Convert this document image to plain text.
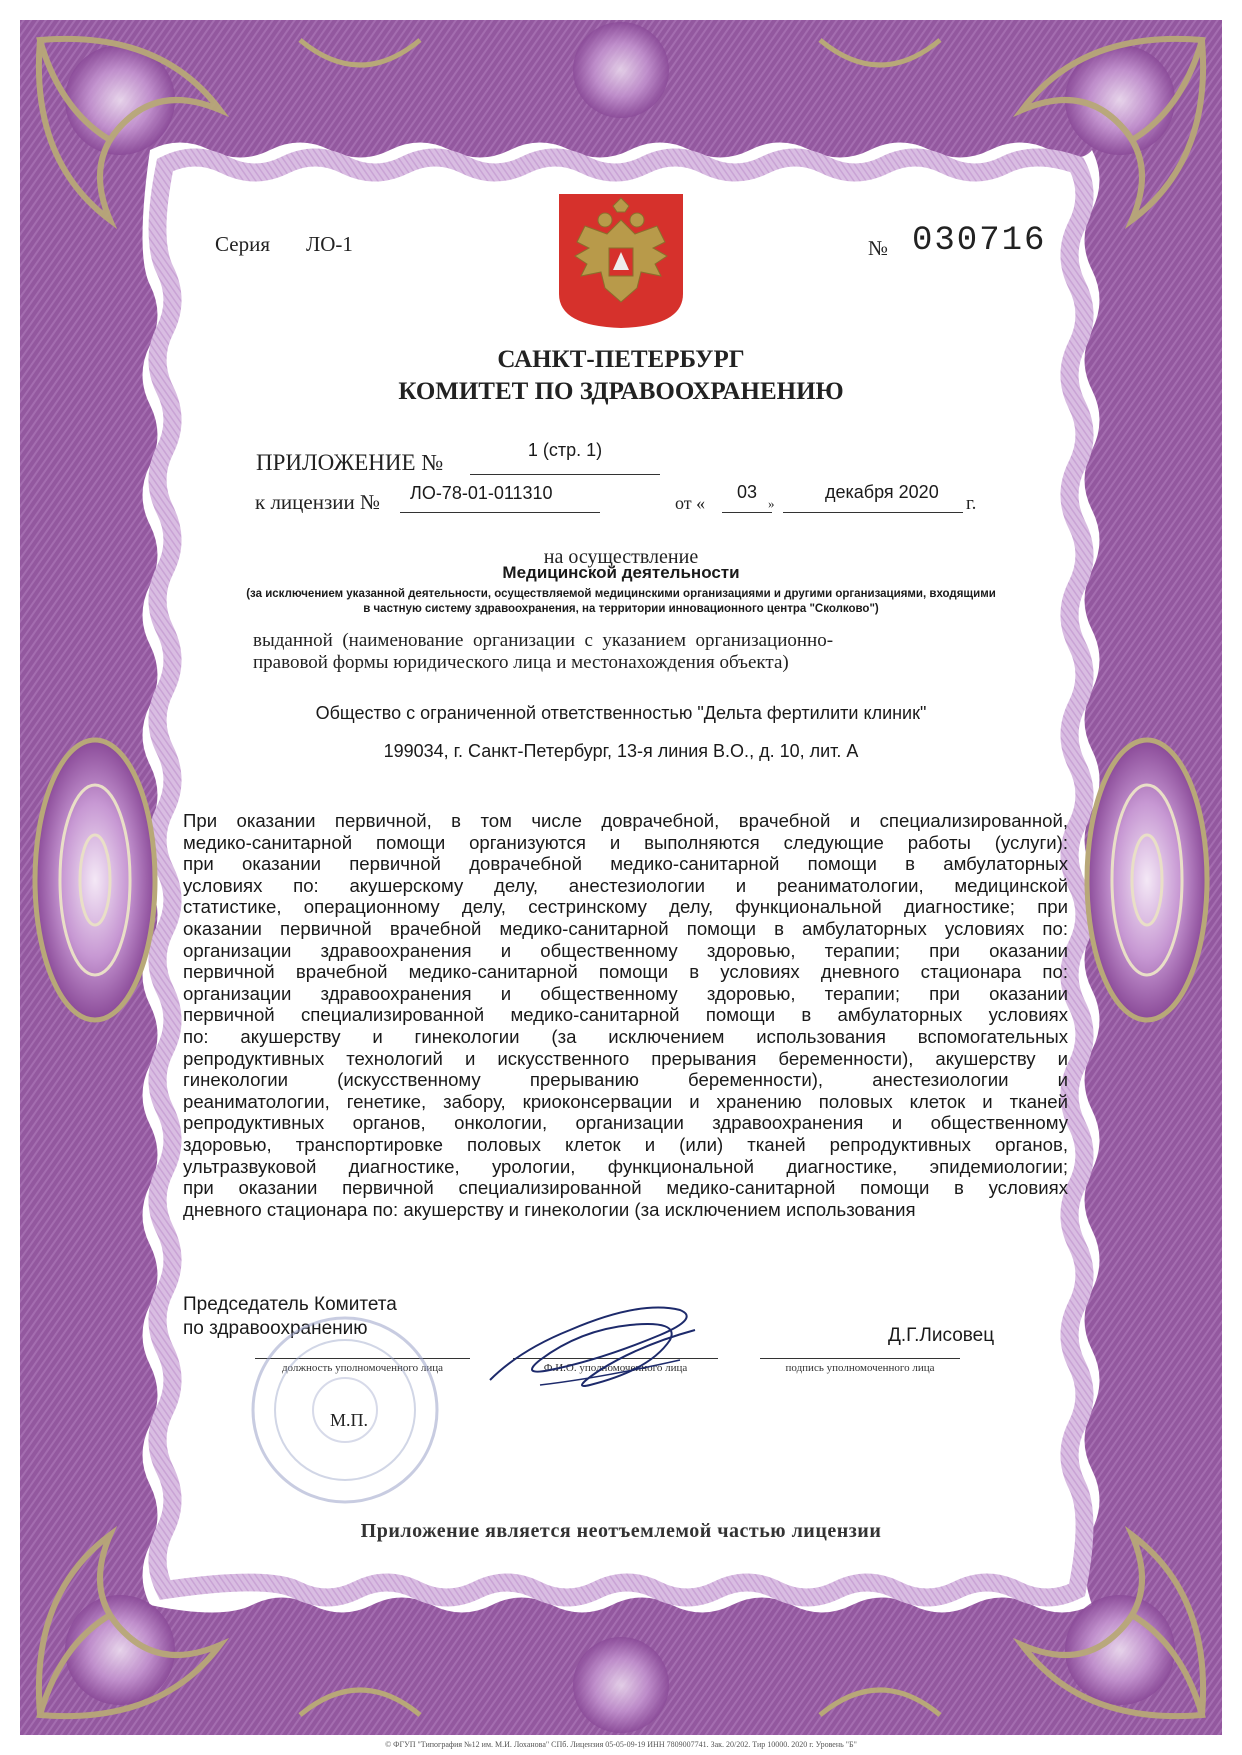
Серия ЛО-1	№ 030716
САНКТ-ПЕТЕРБУРГ
КОМИТЕТ ПО ЗДРАВООХРАНЕНИЮ
ПРИЛОЖЕНИЕ №	1 (стр. 1)
к лицензии № ЛО-78-01-011310	от «
03
»
декабря 2020
г.
на осуществление
Медицинской деятельности
(за исключением указанной деятельности, осуществляемой медицинскими организациями и другими организациями, входящими
в частную систему здравоохранения, на территории инновационного центра "Сколково")
выданной  (наименование  организации  с  указанием  организационно-
правовой формы юридического лица и местонахождения объекта)
Общество с ограниченной ответственностью "Дельта фертилити клиник"
199034, г. Санкт-Петербург, 13-я линия В.О., д. 10, лит. А
При оказании первичной, в том числе доврачебной, врачебной и специализированной,
медико-санитарной помощи организуются и выполняются следующие работы (услуги):
при оказании первичной доврачебной медико-санитарной помощи в амбулаторных
условиях по: акушерскому делу, анестезиологии и реаниматологии, медицинской
статистике, операционному делу, сестринскому делу, функциональной диагностике; при
оказании первичной врачебной медико-санитарной помощи в амбулаторных условиях по:
организации здравоохранения и общественному здоровью, терапии; при оказании
первичной врачебной медико-санитарной помощи в условиях дневного стационара по:
организации здравоохранения и общественному здоровью, терапии; при оказании
первичной специализированной медико-санитарной помощи в амбулаторных условиях
по: акушерству и гинекологии (за исключением использования вспомогательных
репродуктивных технологий и искусственного прерывания беременности), акушерству и
гинекологии (искусственному прерыванию беременности), анестезиологии и
реаниматологии, генетике, забору, криоконсервации и хранению половых клеток и тканей
репродуктивных органов, онкологии, организации здравоохранения и общественному
здоровью, транспортировке половых клеток и (или) тканей репродуктивных органов,
ультразвуковой диагностике, урологии, функциональной диагностике, эпидемиологии;
при оказании первичной специализированной медико-санитарной помощи в условиях
дневного стационара по: акушерству и гинекологии (за исключением использования
Председатель Комитета
по здравоохранению	Д.Г.Лисовец
должность уполномоченного лица	Ф.И.О. уполномоченного лица	подпись уполномоченного лица
М.П.
Приложение является неотъемлемой частью лицензии
© ФГУП "Типография №12 им. М.И. Лоханова" СПб. Лицензия 05-05-09-19 ИНН 7809007741. Зак. 20/202. Тир 10000. 2020 г. Уровень "Б"
